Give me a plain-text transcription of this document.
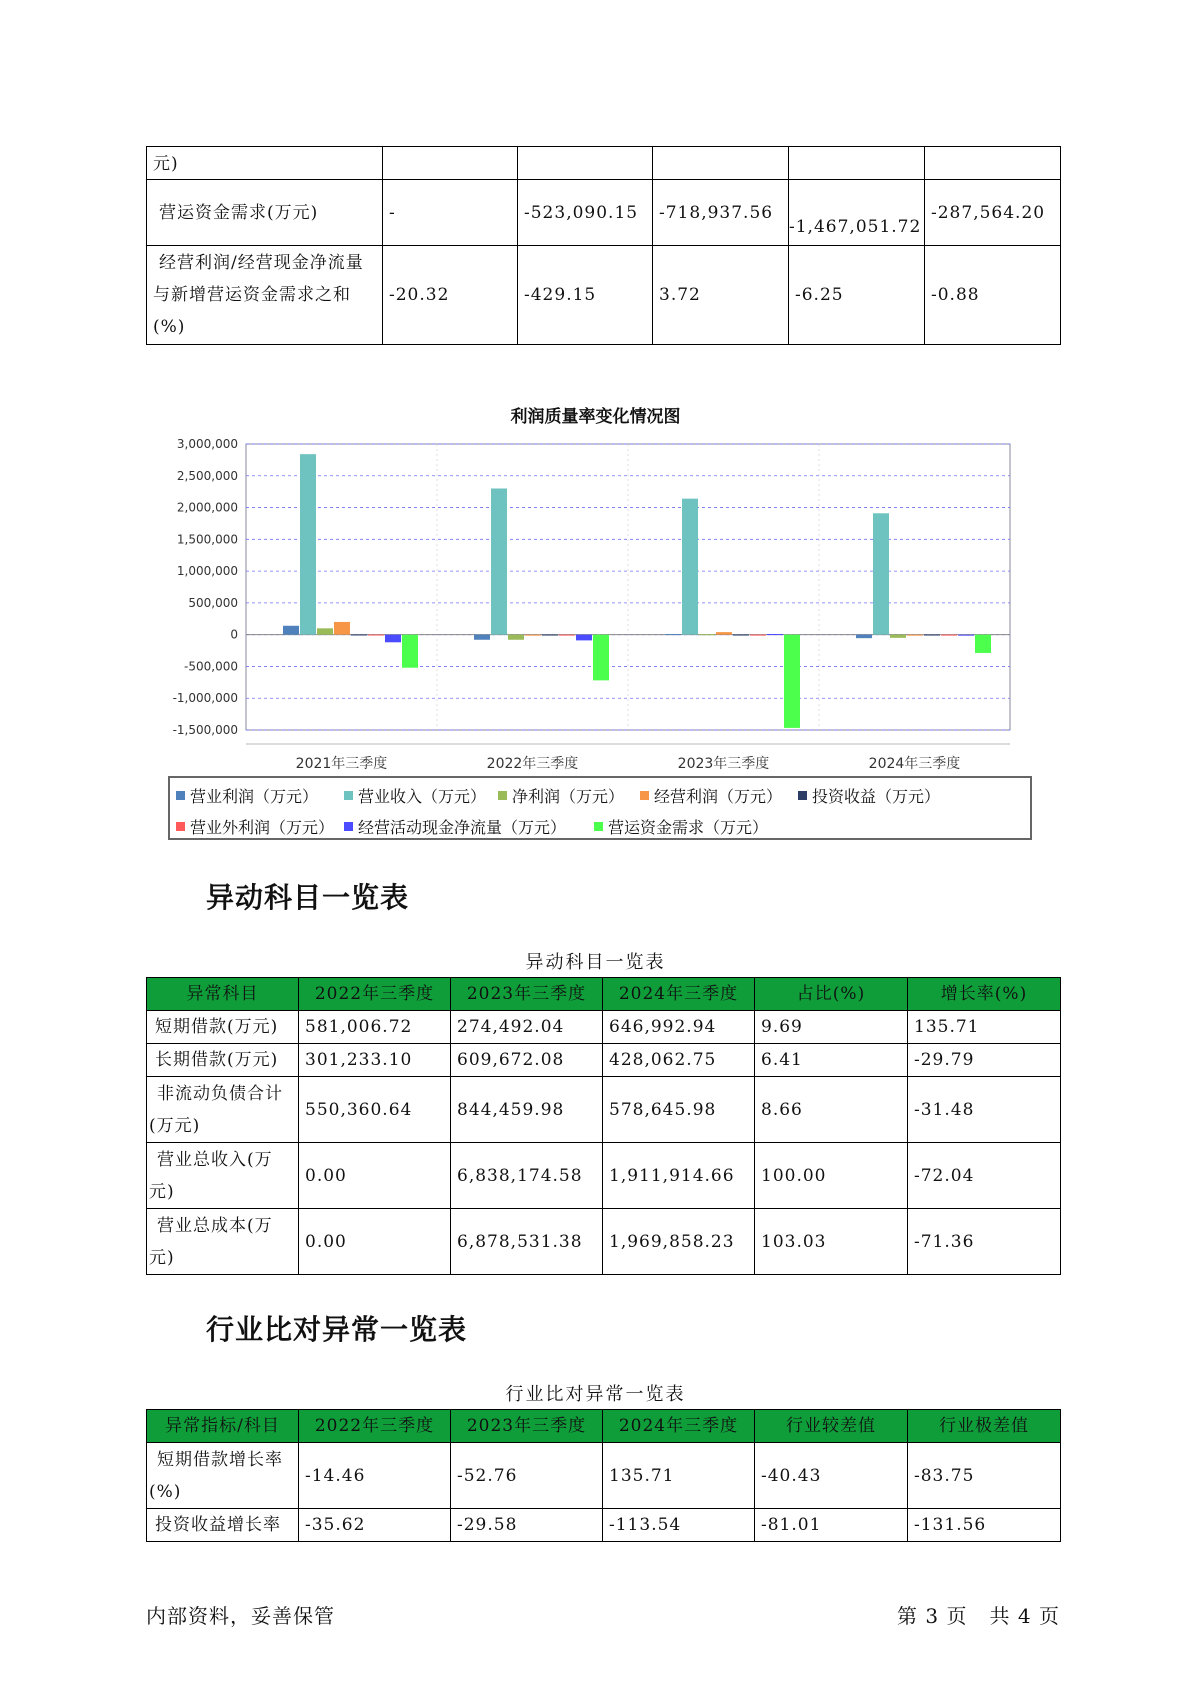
元)					
营运资金需求(万元)	-	-523,090.15	-718,937.56	-1,467,051.72	-287,564.20
经营利润/经营现金净流量与新增营运资金需求之和(%)	-20.32	-429.15	3.72	-6.25	-0.88
利润质量率变化情况图
3,000,000
2,500,000
2,000,000
1,500,000
1,000,000
500,000
0
-500,000
-1,000,000
-1,500,000
2021年三季度	2022年三季度	2023年三季度	2024年三季度
营业利润（万元） 营业收入（万元） 净利润（万元） 经营利润（万元） 投资收益（万元）
营业外利润（万元） 经营活动现金净流量（万元）	营运资金需求（万元）
异动科目一览表
异动科目一览表
异常科目	2022年三季度	2023年三季度	2024年三季度	占比(%)	增长率(%)
短期借款(万元)	581,006.72	274,492.04	646,992.94	9.69	135.71
长期借款(万元)	301,233.10	609,672.08	428,062.75	6.41	-29.79
非流动负债合计(万元)	550,360.64	844,459.98	578,645.98	8.66	-31.48
营业总收入(万元)	0.00	6,838,174.58	1,911,914.66	100.00	-72.04
营业总成本(万元)	0.00	6,878,531.38	1,969,858.23	103.03	-71.36
行业比对异常一览表
行业比对异常一览表
异常指标/科目	2022年三季度	2023年三季度	2024年三季度	行业较差值	行业极差值
短期借款增长率(%)	-14.46	-52.76	135.71	-40.43	-83.75
投资收益增长率	-35.62	-29.58	-113.54	-81.01	-131.56
内部资料，妥善保管	第 3 页   共 4 页
